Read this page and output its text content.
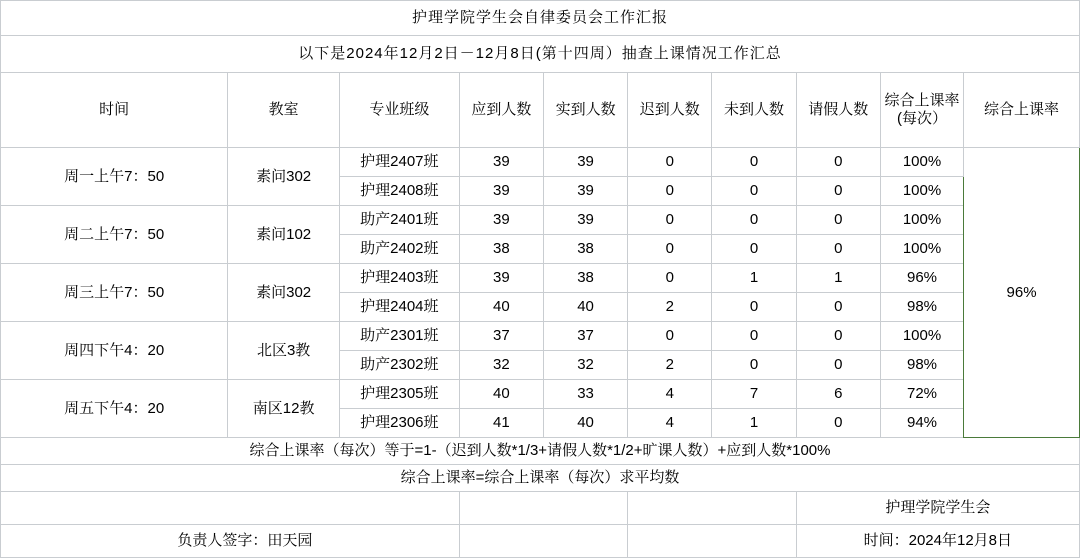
护理学院学生会自律委员会工作汇报									
以下是2024年12月2日－12月8日(第十四周）抽查上课情况工作汇总									
时间	教室	专业班级	应到人数	实到人数	迟到人数	未到人数	请假人数	综合上课率(每次）	综合上课率
周一上午7：50	素问302	护理2407班	39	39	0	0	0	100%	96%
		护理2408班	39	39	0	0	0	100%	
周二上午7：50	素问102	助产2401班	39	39	0	0	0	100%	
		助产2402班	38	38	0	0	0	100%	
周三上午7：50	素问302	护理2403班	39	38	0	1	1	96%	
		护理2404班	40	40	2	0	0	98%	
周四下午4：20	北区3教	助产2301班	37	37	0	0	0	100%	
		助产2302班	32	32	2	0	0	98%	
周五下午4：20	南区12教	护理2305班	40	33	4	7	6	72%	
		护理2306班	41	40	4	1	0	94%	
综合上课率（每次）等于=1-（迟到人数*1/3+请假人数*1/2+旷课人数）+应到人数*100%									
综合上课率=综合上课率（每次）求平均数									
							护理学院学生会		
负责人签字：田天园							时间：2024年12月8日		
